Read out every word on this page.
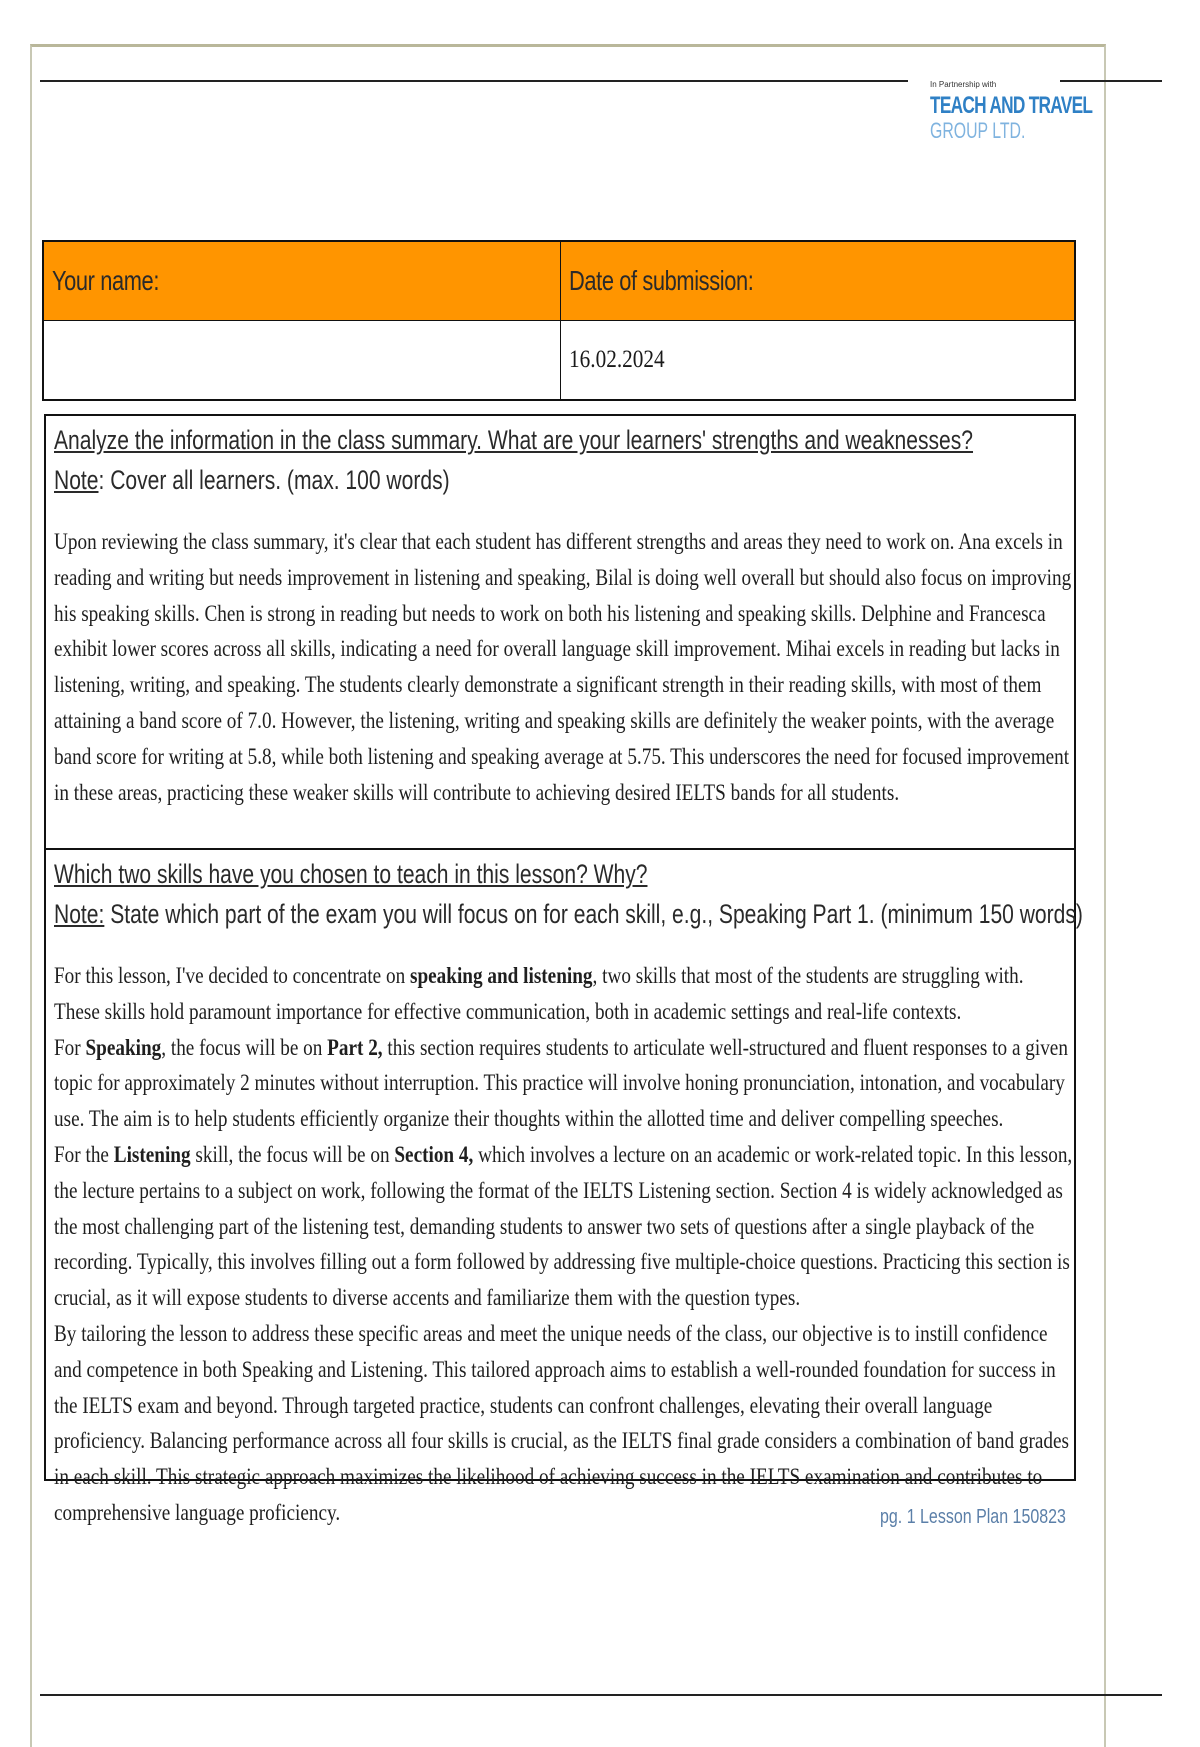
In Partnership with
TEACH AND TRAVEL
GROUP LTD.
Your name:	Date of submission:
	16.02.2024
Analyze the information in the class summary. What are your learners' strengths and weaknesses?
Note: Cover all learners. (max. 100 words)

Upon reviewing the class summary, it's clear that each student has different strengths and areas they need to work on. Ana excels in reading and writing but needs improvement in listening and speaking, Bilal is doing well overall but should also focus on improving his speaking skills. Chen is strong in reading but needs to work on both his listening and speaking skills. Delphine and Francesca exhibit lower scores across all skills, indicating a need for overall language skill improvement. Mihai excels in reading but lacks in listening, writing, and speaking. The students clearly demonstrate a significant strength in their reading skills, with most of them attaining a band score of 7.0. However, the listening, writing and speaking skills are definitely the weaker points, with the average band score for writing at 5.8, while both listening and speaking average at 5.75. This underscores the need for focused improvement in these areas, practicing these weaker skills will contribute to achieving desired IELTS bands for all students.

Which two skills have you chosen to teach in this lesson? Why?
Note: State which part of the exam you will focus on for each skill, e.g., Speaking Part 1. (minimum 150 words)

For this lesson, I've decided to concentrate on speaking and listening, two skills that most of the students are struggling with. These skills hold paramount importance for effective communication, both in academic settings and real-life contexts.

For Speaking, the focus will be on Part 2, this section requires students to articulate well-structured and fluent responses to a given topic for approximately 2 minutes without interruption. This practice will involve honing pronunciation, intonation, and vocabulary use. The aim is to help students efficiently organize their thoughts within the allotted time and deliver compelling speeches.

For the Listening skill, the focus will be on Section 4, which involves a lecture on an academic or work-related topic. In this lesson, the lecture pertains to a subject on work, following the format of the IELTS Listening section. Section 4 is widely acknowledged as the most challenging part of the listening test, demanding students to answer two sets of questions after a single playback of the recording. Typically, this involves filling out a form followed by addressing five multiple-choice questions. Practicing this section is crucial, as it will expose students to diverse accents and familiarize them with the question types.

By tailoring the lesson to address these specific areas and meet the unique needs of the class, our objective is to instill confidence and competence in both Speaking and Listening. This tailored approach aims to establish a well-rounded foundation for success in the IELTS exam and beyond. Through targeted practice, students can confront challenges, elevating their overall language proficiency. Balancing performance across all four skills is crucial, as the IELTS final grade considers a combination of band grades in each skill. This strategic approach maximizes the likelihood of achieving success in the IELTS examination and contributes to comprehensive language proficiency.	pg. 1 Lesson Plan 150823
